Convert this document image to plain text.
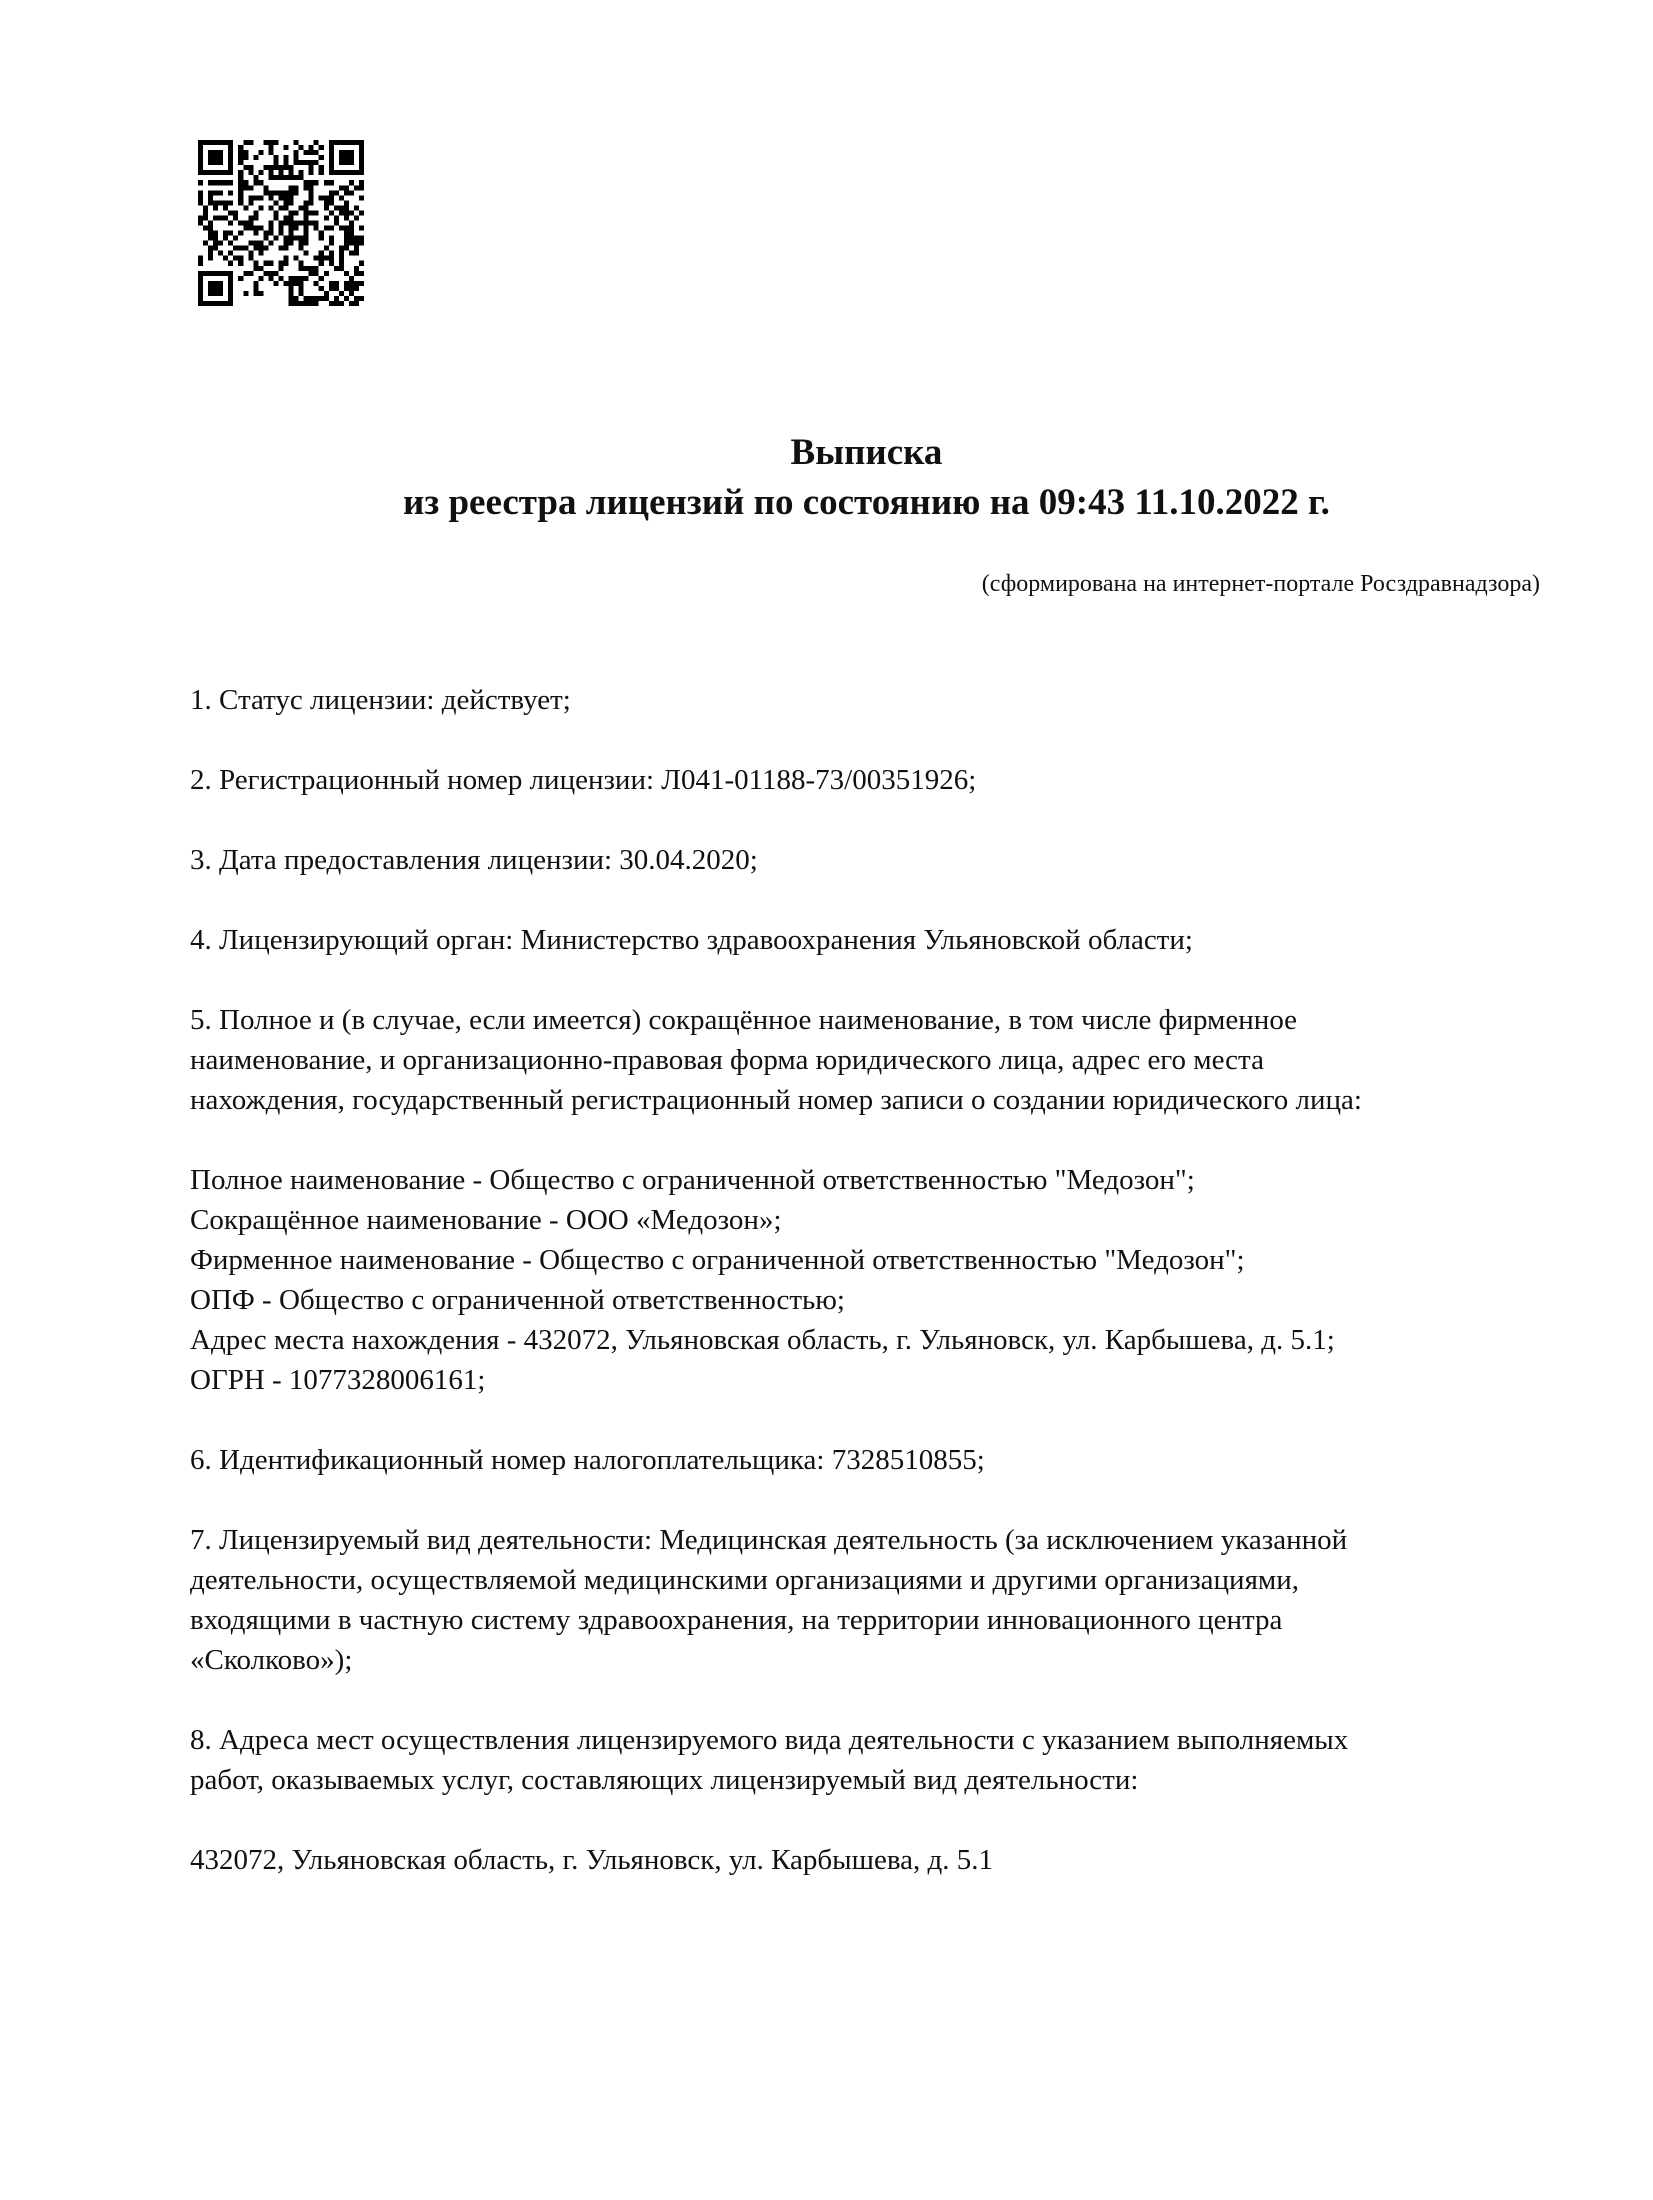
Выписка
из реестра лицензий по состоянию на 09:43 11.10.2022 г.
(сформирована на интернет-портале Росздравнадзора)

1. Статус лицензии: действует;

2. Регистрационный номер лицензии: Л041-01188-73/00351926;

3. Дата предоставления лицензии: 30.04.2020;

4. Лицензирующий орган: Министерство здравоохранения Ульяновской области;

5. Полное и (в случае, если имеется) сокращённое наименование, в том числе фирменное

наименование, и организационно-правовая форма юридического лица, адрес его места

нахождения, государственный регистрационный номер записи о создании юридического лица:

Полное наименование - Общество с ограниченной ответственностью "Медозон";

Сокращённое наименование - ООО «Медозон»;

Фирменное наименование - Общество с ограниченной ответственностью "Медозон";

ОПФ - Общество с ограниченной ответственностью;

Адрес места нахождения - 432072, Ульяновская область, г. Ульяновск, ул. Карбышева, д. 5.1;

ОГРН - 1077328006161;

6. Идентификационный номер налогоплательщика: 7328510855;

7. Лицензируемый вид деятельности: Медицинская деятельность (за исключением указанной

деятельности, осуществляемой медицинскими организациями и другими организациями,

входящими в частную систему здравоохранения, на территории инновационного центра

«Сколково»);

8. Адреса мест осуществления лицензируемого вида деятельности с указанием выполняемых

работ, оказываемых услуг, составляющих лицензируемый вид деятельности:

432072, Ульяновская область, г. Ульяновск, ул. Карбышева, д. 5.1
